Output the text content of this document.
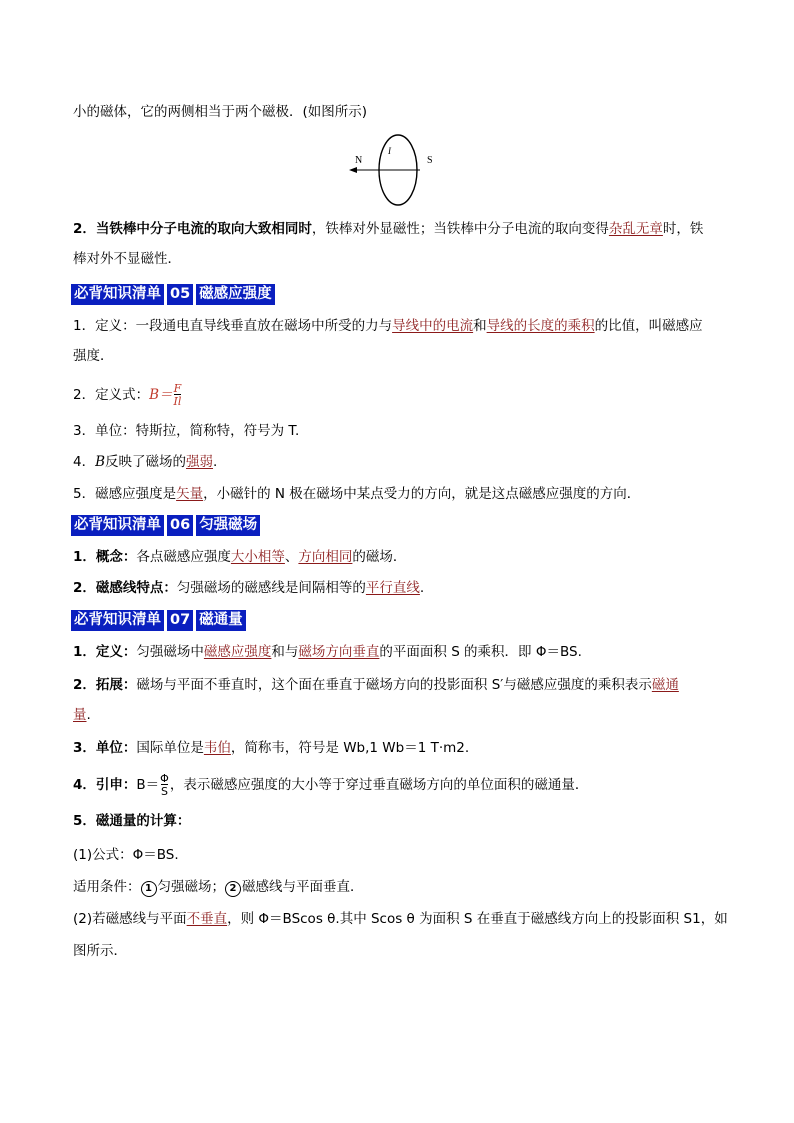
小的磁体，它的两侧相当于两个磁极．(如图所示)
N	S
I
2．当铁棒中分子电流的取向大致相同时，铁棒对外显磁性；当铁棒中分子电流的取向变得杂乱无章时，铁
棒对外不显磁性．
必背知识清单 05 磁感应强度
1．定义：一段通电直导线垂直放在磁场中所受的力与导线中的电流和导线的长度的乘积的比值，叫磁感应
强度．
2．定义式：$B= \frac{F}{Il}$
3．单位：特斯拉，简称特，符号为 T.
4．B反映了磁场的强弱.
5．磁感应强度是矢量，小磁针的 N 极在磁场中某点受力的方向，就是这点磁感应强度的方向．
必背知识清单 06 匀强磁场
1．概念：各点磁感应强度大小相等、方向相同的磁场．
2．磁感线特点：匀强磁场的磁感线是间隔相等的平行直线.
必背知识清单 07 磁通量
1．定义：匀强磁场中磁感应强度和与磁场方向垂直的平面面积 S 的乘积．即 Φ＝BS.
2．拓展：磁场与平面不垂直时，这个面在垂直于磁场方向的投影面积 S′与磁感应强度的乘积表示磁通
量.
3．单位：国际单位是韦伯，简称韦，符号是 Wb,1 Wb＝1 T·m2.
4．引申：$B= \frac{\Phi}{S}$ ，表示磁感应强度的大小等于穿过垂直磁场方向的单位面积的磁通量．
5．磁通量的计算：
(1)公式：Φ＝BS.
适用条件： 1 匀强磁场； 2 磁感线与平面垂直．
(2)若磁感线与平面不垂直，则 Φ＝BScos θ.其中 Scos θ 为面积 S 在垂直于磁感线方向上的投影面积 S1，如
图所示．
